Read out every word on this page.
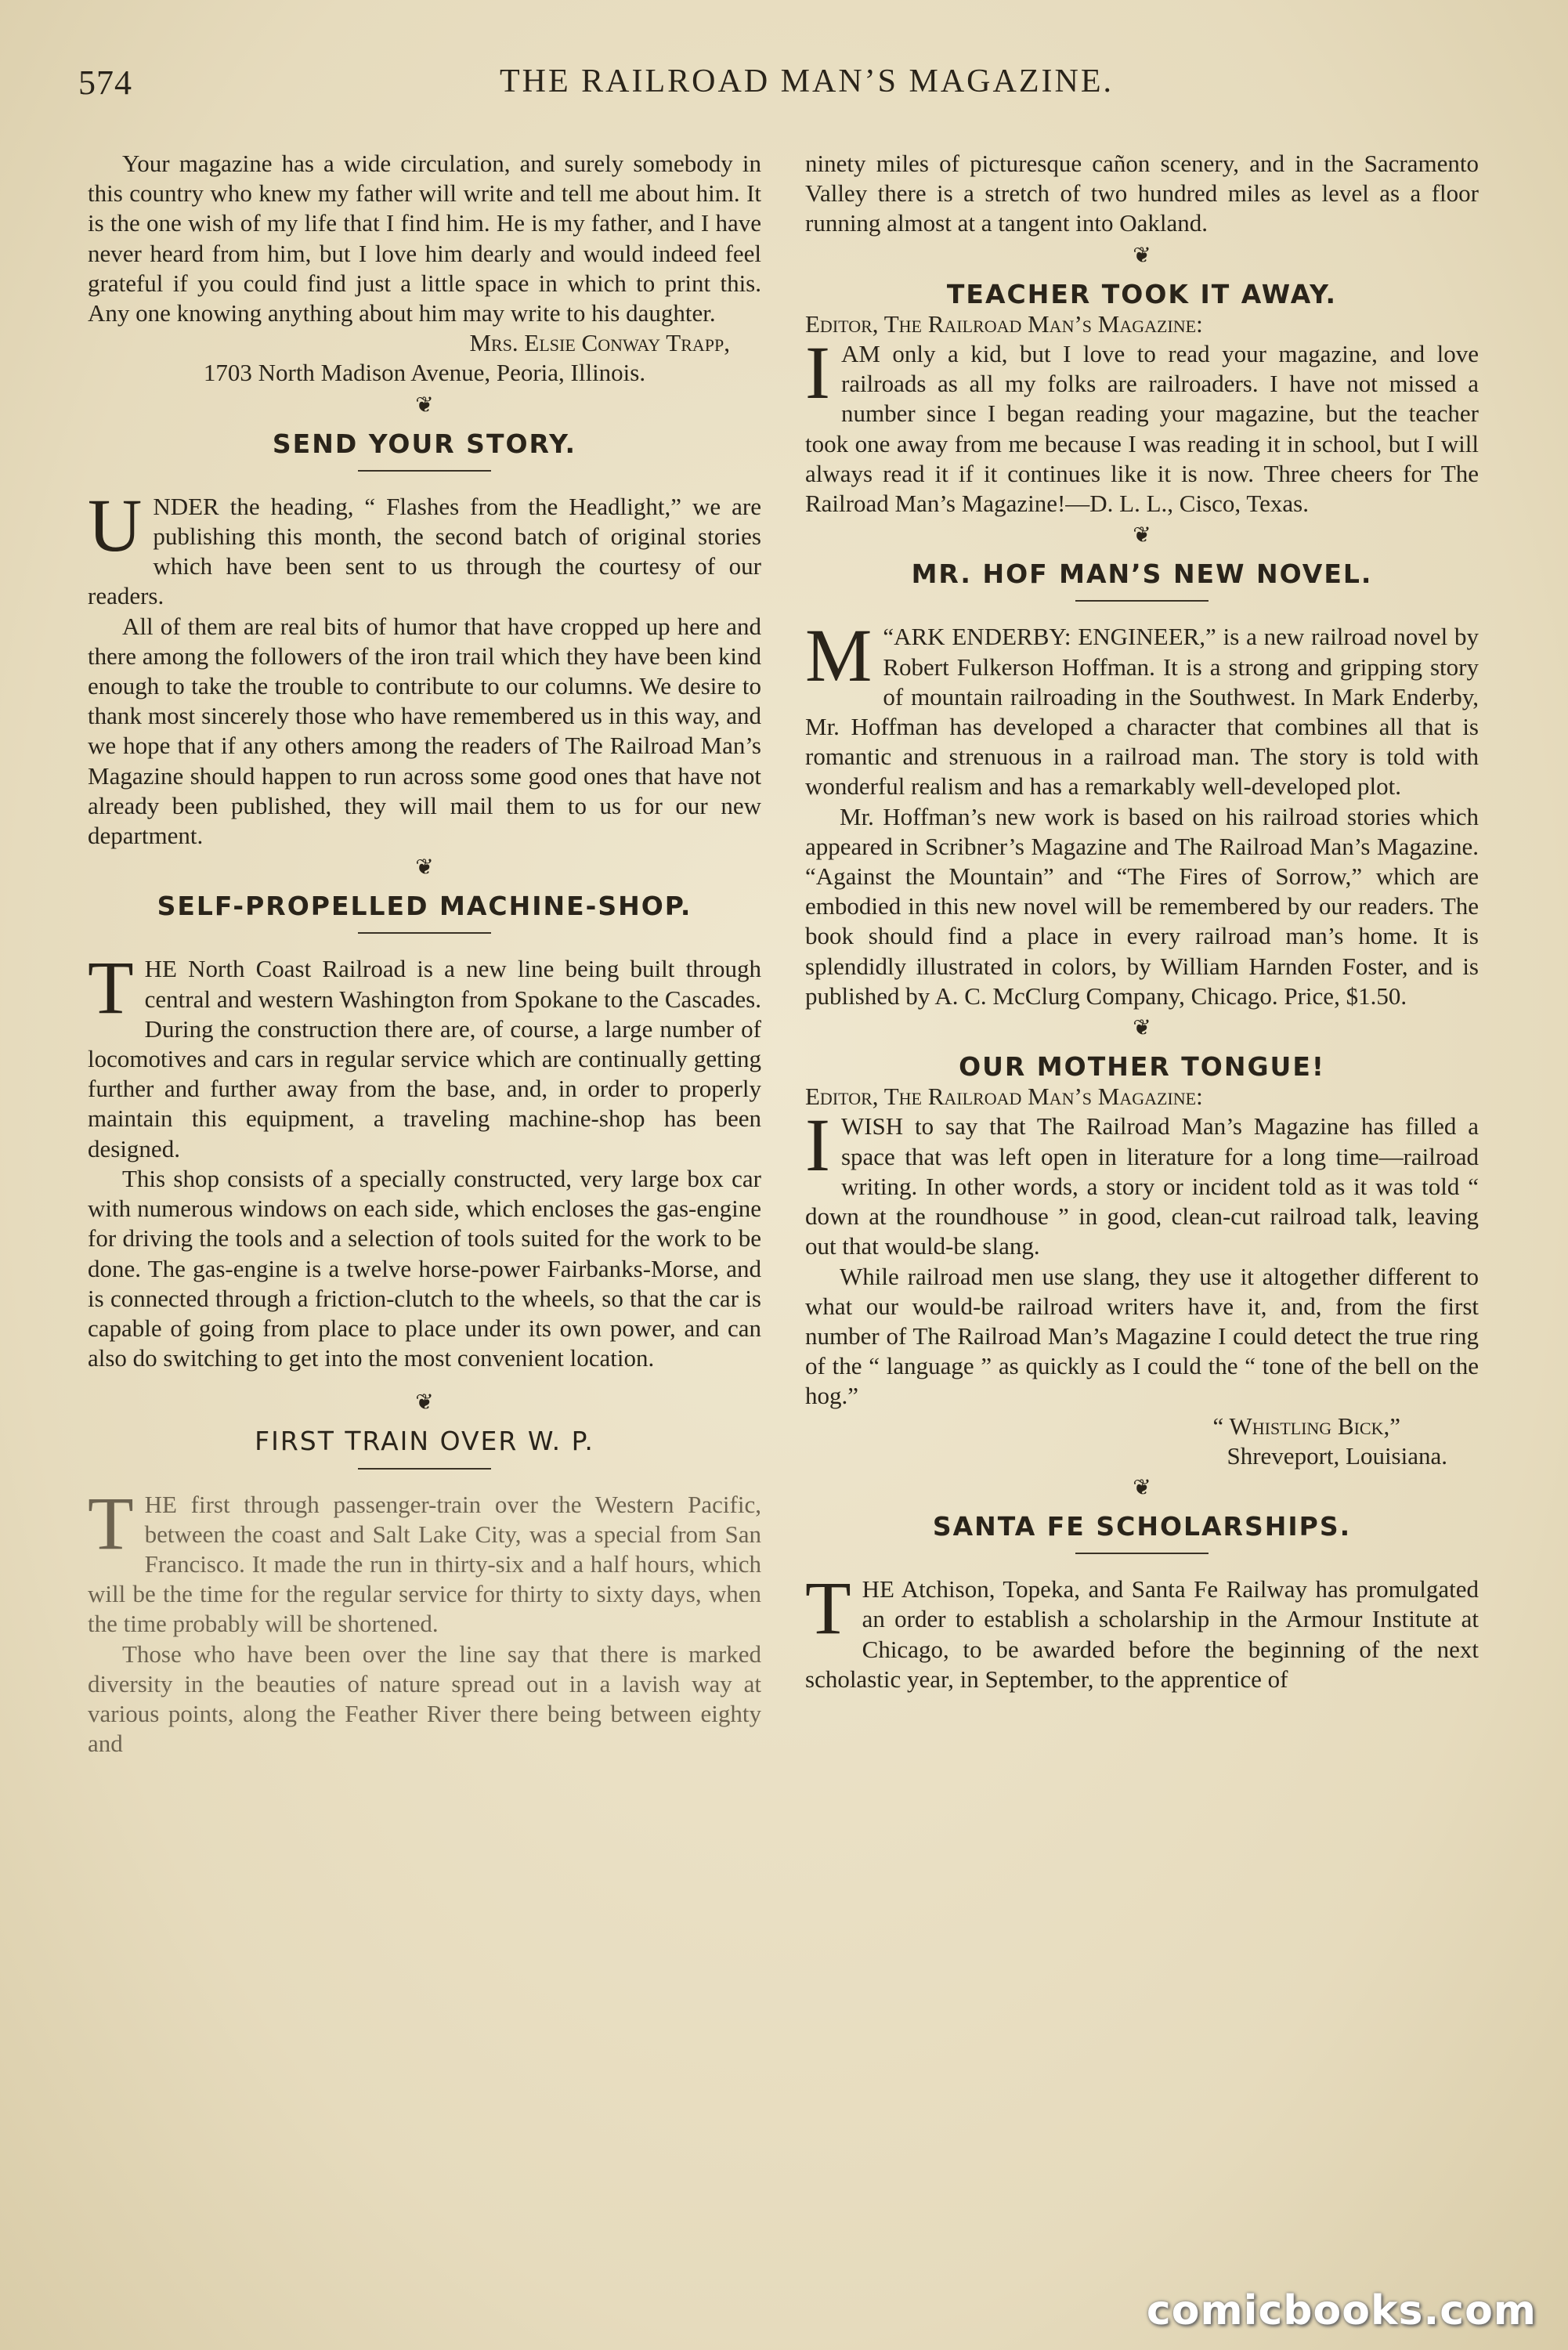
574	THE RAILROAD MAN’S MAGAZINE.

Your magazine has a wide circulation, and surely somebody in this country who knew my father will write and tell me about him. It is the one wish of my life that I find him. He is my father, and I have never heard from him, but I love him dearly and would indeed feel grateful if you could find just a little space in which to print this. Any one knowing anything about him may write to his daughter.

Mrs. Elsie Conway Trapp,

1703 North Madison Avenue, Peoria, Illinois.

❦
SEND YOUR STORY.

UNDER the heading, “ Flashes from the Headlight,” we are publishing this month, the second batch of original stories which have been sent to us through the courtesy of our readers.

All of them are real bits of humor that have cropped up here and there among the followers of the iron trail which they have been kind enough to take the trouble to contribute to our columns. We desire to thank most sincerely those who have remembered us in this way, and we hope that if any others among the readers of The Railroad Man’s Magazine should happen to run across some good ones that have not already been published, they will mail them to us for our new department.

❦
SELF-PROPELLED MACHINE-SHOP.

THE North Coast Railroad is a new line being built through central and western Washington from Spokane to the Cascades. During the construction there are, of course, a large number of locomotives and cars in regular service which are continually getting further and further away from the base, and, in order to properly maintain this equipment, a traveling machine-shop has been designed.

This shop consists of a specially constructed, very large box car with numerous windows on each side, which encloses the gas-engine for driving the tools and a selection of tools suited for the work to be done. The gas-engine is a twelve horse-power Fairbanks-Morse, and is connected through a friction-clutch to the wheels, so that the car is capable of going from place to place under its own power, and can also do switching to get into the most convenient location.

❦
FIRST TRAIN OVER W. P.

THE first through passenger-train over the Western Pacific, between the coast and Salt Lake City, was a special from San Francisco. It made the run in thirty-six and a half hours, which will be the time for the regular service for thirty to sixty days, when the time probably will be shortened.

Those who have been over the line say that there is marked diversity in the beauties of nature spread out in a lavish way at various points, along the Feather River there being between eighty and

ninety miles of picturesque cañon scenery, and in the Sacramento Valley there is a stretch of two hundred miles as level as a floor running almost at a tangent into Oakland.

❦
TEACHER TOOK IT AWAY.

Editor, The Railroad Man’s Magazine:

IAM only a kid, but I love to read your magazine, and love railroads as all my folks are railroaders. I have not missed a number since I began reading your magazine, but the teacher took one away from me because I was reading it in school, but I will always read it if it continues like it is now. Three cheers for The Railroad Man’s Magazine!—D. L. L., Cisco, Texas.

❦
MR. HOF MAN’S NEW NOVEL.

M “ARK ENDERBY: ENGINEER,” is a new railroad novel by Robert Fulkerson Hoffman. It is a strong and gripping story of mountain railroading in the Southwest. In Mark Enderby, Mr. Hoffman has developed a character that combines all that is romantic and strenuous in a railroad man. The story is told with wonderful realism and has a remarkably well-developed plot.

Mr. Hoffman’s new work is based on his railroad stories which appeared in Scribner’s Magazine and The Railroad Man’s Magazine. “Against the Mountain” and “The Fires of Sorrow,” which are embodied in this new novel will be remembered by our readers. The book should find a place in every railroad man’s home. It is splendidly illustrated in colors, by William Harnden Foster, and is published by A. C. McClurg Company, Chicago. Price, $1.50.

❦
OUR MOTHER TONGUE!

Editor, The Railroad Man’s Magazine:

IWISH to say that The Railroad Man’s Magazine has filled a space that was left open in literature for a long time—railroad writing. In other words, a story or incident told as it was told “ down at the roundhouse ” in good, clean-cut railroad talk, leaving out that would-be slang.

While railroad men use slang, they use it altogether different to what our would-be railroad writers have it, and, from the first number of The Railroad Man’s Magazine I could detect the true ring of the “ language ” as quickly as I could the “ tone of the bell on the hog.”

“ Whistling Bick,”

Shreveport, Louisiana.

❦
SANTA FE SCHOLARSHIPS.

THE Atchison, Topeka, and Santa Fe Railway has promulgated an order to establish a scholarship in the Armour Institute at Chicago, to be awarded before the beginning of the next scholastic year, in September, to the apprentice of

comicbooks.com
